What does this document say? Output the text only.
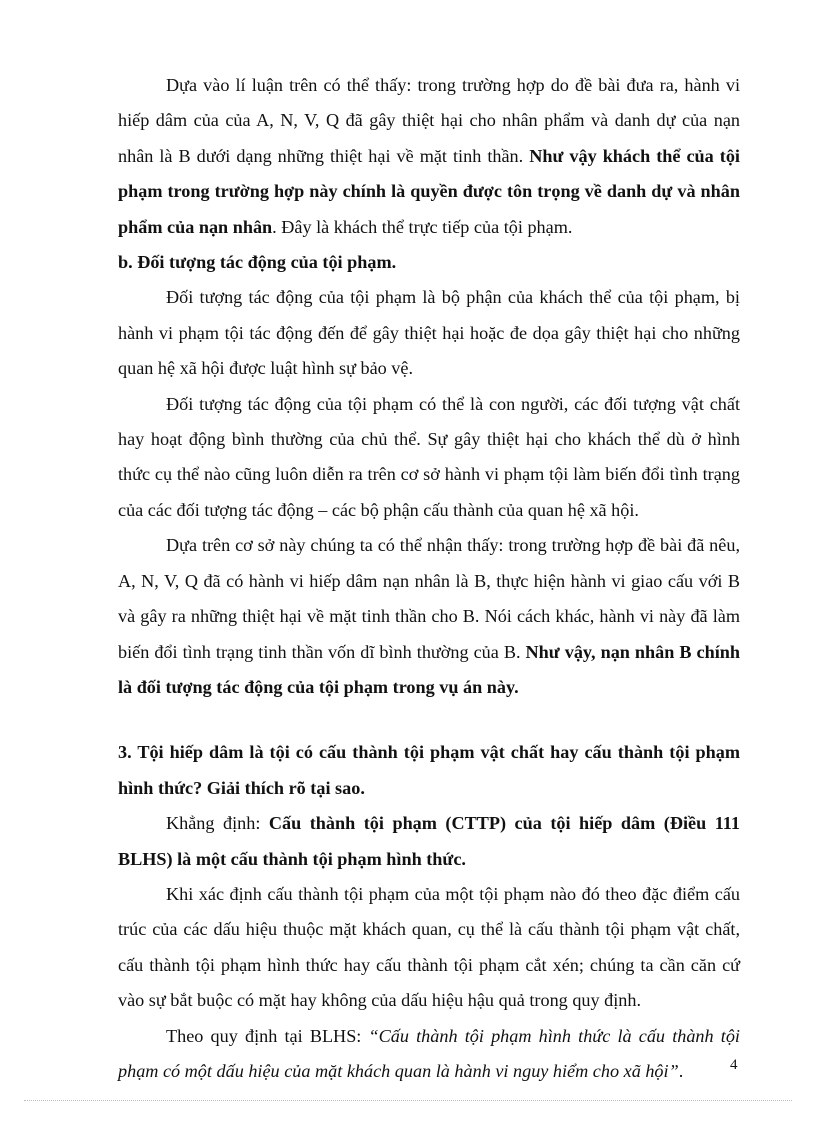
Dựa vào lí luận trên có thể thấy: trong trường hợp do đề bài đưa ra, hành vi hiếp dâm của của A, N, V, Q đã gây thiệt hại cho nhân phẩm và danh dự của nạn nhân là B dưới dạng những thiệt hại về mặt tinh thần. Như vậy khách thể của tội phạm trong trường hợp này chính là quyền được tôn trọng về danh dự và nhân phẩm của nạn nhân. Đây là khách thể trực tiếp của tội phạm.

b. Đối tượng tác động của tội phạm.

Đối tượng tác động của tội phạm là bộ phận của khách thể của tội phạm, bị hành vi phạm tội tác động đến để gây thiệt hại hoặc đe dọa gây thiệt hại cho những quan hệ xã hội được luật hình sự bảo vệ.

Đối tượng tác động của tội phạm có thể là con người, các đối tượng vật chất hay hoạt động bình thường của chủ thể. Sự gây thiệt hại cho khách thể dù ở hình thức cụ thể nào cũng luôn diễn ra trên cơ sở hành vi phạm tội làm biến đổi tình trạng của các đối tượng tác động – các bộ phận cấu thành của quan hệ xã hội.

Dựa trên cơ sở này chúng ta có thể nhận thấy: trong trường hợp đề bài đã nêu, A, N, V, Q đã có hành vi hiếp dâm nạn nhân là B, thực hiện hành vi giao cấu với B và gây ra những thiệt hại về mặt tinh thần cho B. Nói cách khác, hành vi này đã làm biến đổi tình trạng tinh thần vốn dĩ bình thường của B. Như vậy, nạn nhân B chính là đối tượng tác động của tội phạm trong vụ án này.

3. Tội hiếp dâm là tội có cấu thành tội phạm vật chất hay cấu thành tội phạm hình thức? Giải thích rõ tại sao.

Khẳng định: Cấu thành tội phạm (CTTP) của tội hiếp dâm (Điều 111 BLHS) là một cấu thành tội phạm hình thức.

Khi xác định cấu thành tội phạm của một tội phạm nào đó theo đặc điểm cấu trúc của các dấu hiệu thuộc mặt khách quan, cụ thể là cấu thành tội phạm vật chất, cấu thành tội phạm hình thức hay cấu thành tội phạm cắt xén; chúng ta cần căn cứ vào sự bắt buộc có mặt hay không của dấu hiệu hậu quả trong quy định.

Theo quy định tại BLHS: “Cấu thành tội phạm hình thức là cấu thành tội phạm có một dấu hiệu của mặt khách quan là hành vi nguy hiểm cho xã hội”.	4
